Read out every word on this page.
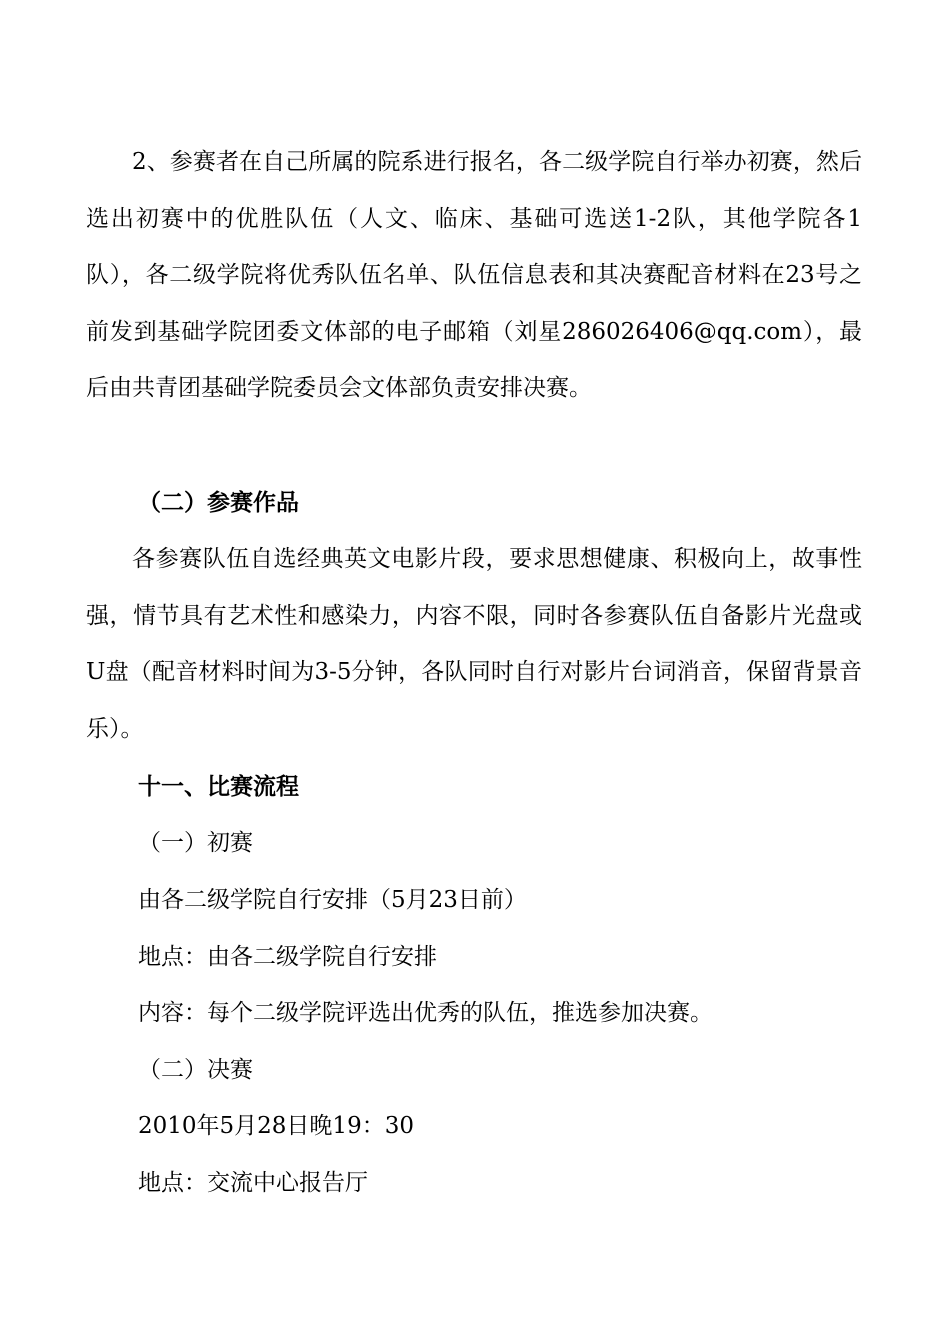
2、参赛者在自己所属的院系进行报名，各二级学院自行举办初赛，然后选出初赛中的优胜队伍（人文、临床、基础可选送1-2队，其他学院各1队），各二级学院将优秀队伍名单、队伍信息表和其决赛配音材料在23号之前发到基础学院团委文体部的电子邮箱（刘星286026406@qq.com），最后由共青团基础学院委员会文体部负责安排决赛。

（二）参赛作品

各参赛队伍自选经典英文电影片段，要求思想健康、积极向上，故事性强，情节具有艺术性和感染力，内容不限，同时各参赛队伍自备影片光盘或U盘（配音材料时间为3-5分钟，各队同时自行对影片台词消音，保留背景音乐）。

十一、比赛流程

（一）初赛

由各二级学院自行安排（5月23日前）

地点：由各二级学院自行安排

内容：每个二级学院评选出优秀的队伍，推选参加决赛。

（二）决赛

2010年5月28日晚19：30

地点：交流中心报告厅
